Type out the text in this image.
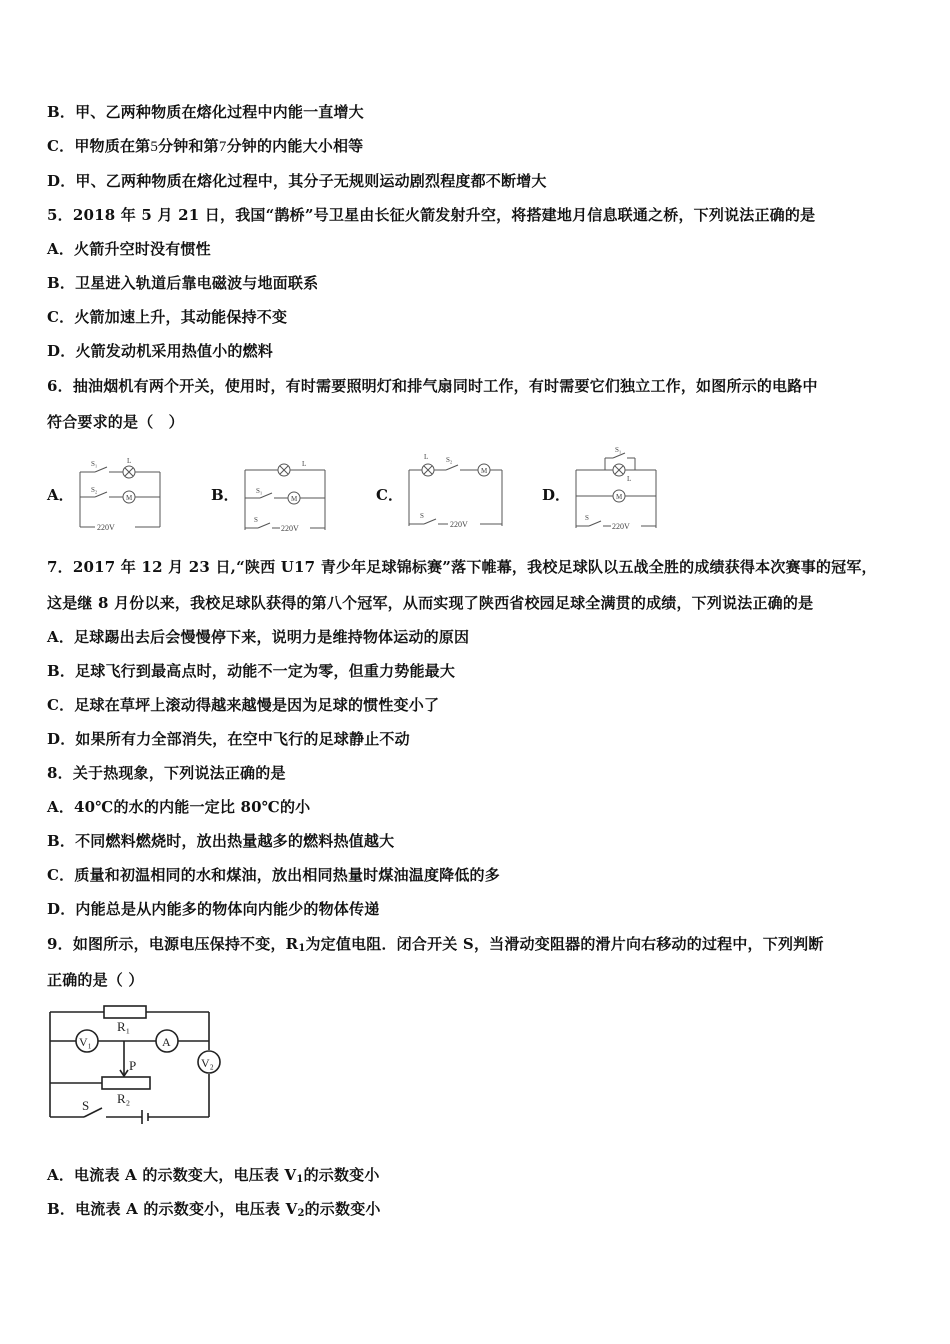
B．甲、乙两种物质在熔化过程中内能一直增大
C．甲物质在第5分钟和第7分钟的内能大小相等
D．甲、乙两种物质在熔化过程中，其分子无规则运动剧烈程度都不断增大
5．2018 年 5 月 21 日，我国“鹊桥”号卫星由长征火箭发射升空，将搭建地月信息联通之桥，下列说法正确的是
A．火箭升空时没有惯性
B．卫星进入轨道后靠电磁波与地面联系
C．火箭加速上升，其动能保持不变
D．火箭发动机采用热值小的燃料
6．抽油烟机有两个开关，使用时，有时需要照明灯和排气扇同时工作，有时需要它们独立工作，如图所示的电路中
符合要求的是（　）
A．
S₁	L
S₂
M
220V
B．
L
S₁
M
S
220V
C．
L	S₂
M
S
220V
D．
S₁
L
M
S
220V
7．2017 年 12 月 23 日,“陕西 U17 青少年足球锦标赛”落下帷幕，我校足球队以五战全胜的成绩获得本次赛事的冠军，
这是继 8 月份以来，我校足球队获得的第八个冠军，从而实现了陕西省校园足球全满贯的成绩，下列说法正确的是
A．足球踢出去后会慢慢停下来，说明力是维持物体运动的原因
B．足球飞行到最高点时，动能不一定为零，但重力势能最大
C．足球在草坪上滚动得越来越慢是因为足球的惯性变小了
D．如果所有力全部消失，在空中飞行的足球静止不动
8．关于热现象，下列说法正确的是
A．40℃的水的内能一定比 80℃的小
B．不同燃料燃烧时，放出热量越多的燃料热值越大
C．质量和初温相同的水和煤油，放出相同热量时煤油温度降低的多
D．内能总是从内能多的物体向内能少的物体传递
9．如图所示，电源电压保持不变，$R_1$为定值电阻．闭合开关 S，当滑动变阻器的滑片向右移动的过程中，下列判断
正确的是（ ）
R₁
V₁	A
V₂
P
R₂
S
A．电流表 A 的示数变大，电压表 $V_1$的示数变小
B．电流表 A 的示数变小，电压表 $V_2$的示数变小
